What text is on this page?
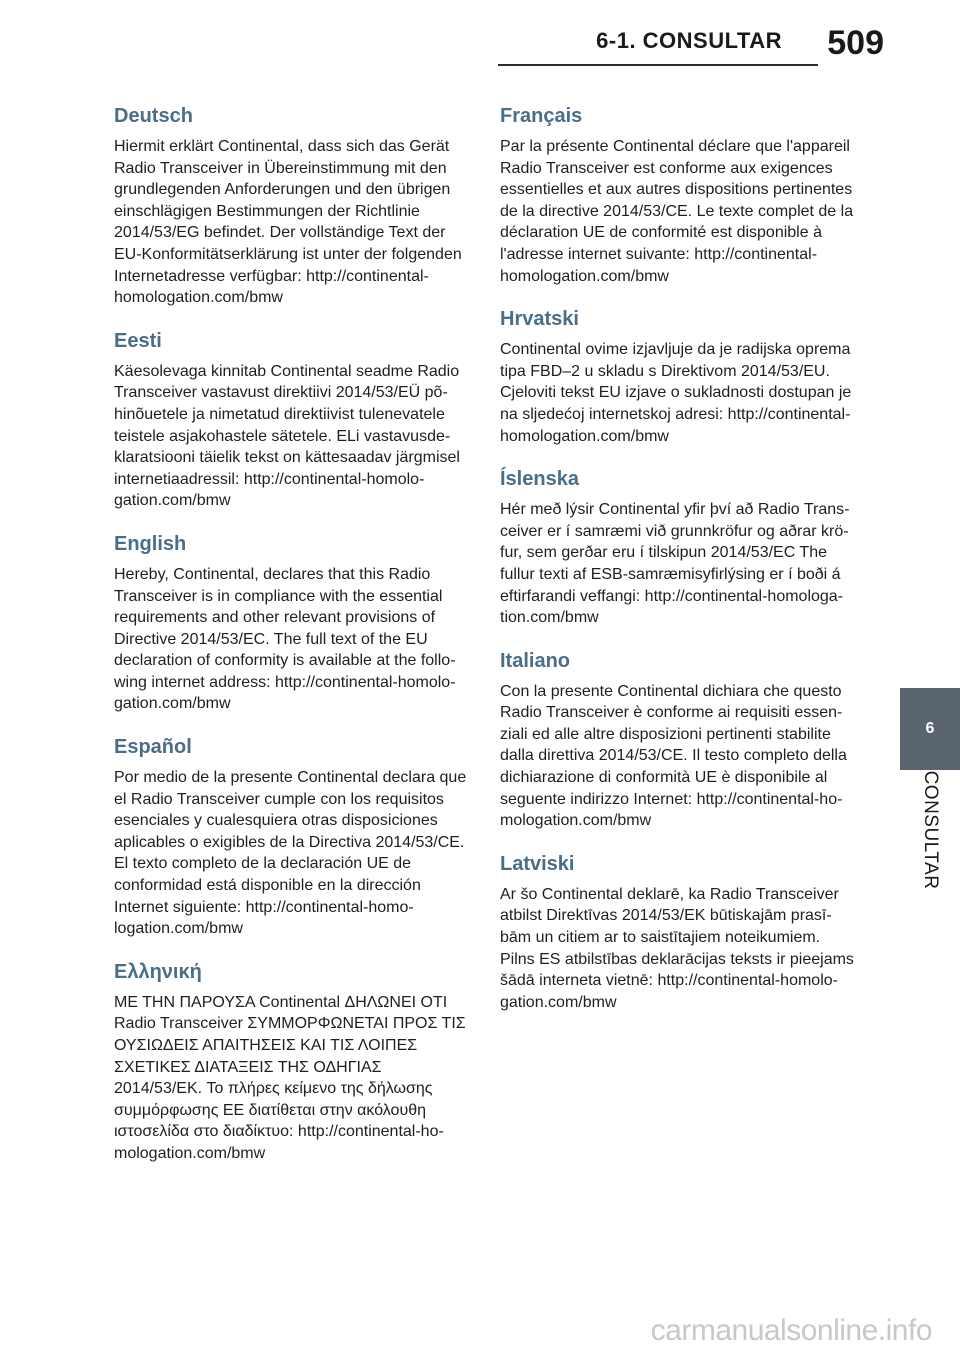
6-1. CONSULTAR 509
Deutsch

Hiermit erklärt Continental, dass sich das Gerät Radio Transceiver in Übereinstimmung mit den grundlegenden Anforderungen und den übrigen einschlägigen Bestimmungen der Richtlinie 2014/53/EG befindet. Der vollständige Text der EU-Konformitätserklärung ist unter der folgenden Internetadresse verfügbar: http://continental-homologation.com/bmw

Eesti

Käesolevaga kinnitab Continental seadme Radio Transceiver vastavust direktiivi 2014/53/EÜ põhinõuetele ja nimetatud direktiivist tulenevatele teistele asjakohastele sätetele. ELi vastavusdeklaratsiooni täielik tekst on kättesaadav järgmisel internetiaadressil: http://continental-homologation.com/bmw

English

Hereby, Continental, declares that this Radio Transceiver is in compliance with the essential requirements and other relevant provisions of Directive 2014/53/EC. The full text of the EU declaration of conformity is available at the following internet address: http://continental-homologation.com/bmw

Español

Por medio de la presente Continental declara que el Radio Transceiver cumple con los requisitos esenciales y cualesquiera otras disposiciones aplicables o exigibles de la Directiva 2014/53/CE. El texto completo de la declaración UE de conformidad está disponible en la dirección Internet siguiente: http://continental-homologation.com/bmw

Ελληνική

ΜΕ ΤΗΝ ΠΑΡΟΥΣΑ Continental ΔΗΛΩΝΕΙ ΟΤΙ Radio Transceiver ΣΥΜΜΟΡΦΩΝΕΤΑΙ ΠΡΟΣ ΤΙΣ ΟΥΣΙΩΔΕΙΣ ΑΠΑΙΤΗΣΕΙΣ ΚΑΙ ΤΙΣ ΛΟΙΠΕΣ ΣΧΕΤΙΚΕΣ ΔΙΑΤΑΞΕΙΣ ΤΗΣ ΟΔΗΓΙΑΣ 2014/53/EK. Το πλήρες κείμενο της δήλωσης συμμόρφωσης ΕΕ διατίθεται στην ακόλουθη ιστοσελίδα στο διαδίκτυο: http://continental-homologation.com/bmw

Français

Par la présente Continental déclare que l'appareil Radio Transceiver est conforme aux exigences essentielles et aux autres dispositions pertinentes de la directive 2014/53/CE. Le texte complet de la déclaration UE de conformité est disponible à l'adresse internet suivante: http://continental-homologation.com/bmw

Hrvatski

Continental ovime izjavljuje da je radijska oprema tipa FBD–2 u skladu s Direktivom 2014/53/EU. Cjeloviti tekst EU izjave o sukladnosti dostupan je na sljedećoj internetskoj adresi: http://continental-homologation.com/bmw

Íslenska

Hér með lýsir Continental yfir því að Radio Transceiver er í samræmi við grunnkröfur og aðrar kröfur, sem gerðar eru í tilskipun 2014/53/EC The fullur texti af ESB-samræmisyfirlýsing er í boði á eftirfarandi veffangi: http://continental-homologation.com/bmw

Italiano

Con la presente Continental dichiara che questo Radio Transceiver è conforme ai requisiti essenziali ed alle altre disposizioni pertinenti stabilite dalla direttiva 2014/53/CE. Il testo completo della dichiarazione di conformità UE è disponibile al seguente indirizzo Internet: http://continental-homologation.com/bmw

Latviski

Ar šo Continental deklarē, ka Radio Transceiver atbilst Direktīvas 2014/53/EK būtiskajām prasībām un citiem ar to saistītajiem noteikumiem. Pilns ES atbilstības deklarācijas teksts ir pieejams šādā interneta vietnē: http://continental-homologation.com/bmw

6
CONSULTAR
carmanualsonline.info
